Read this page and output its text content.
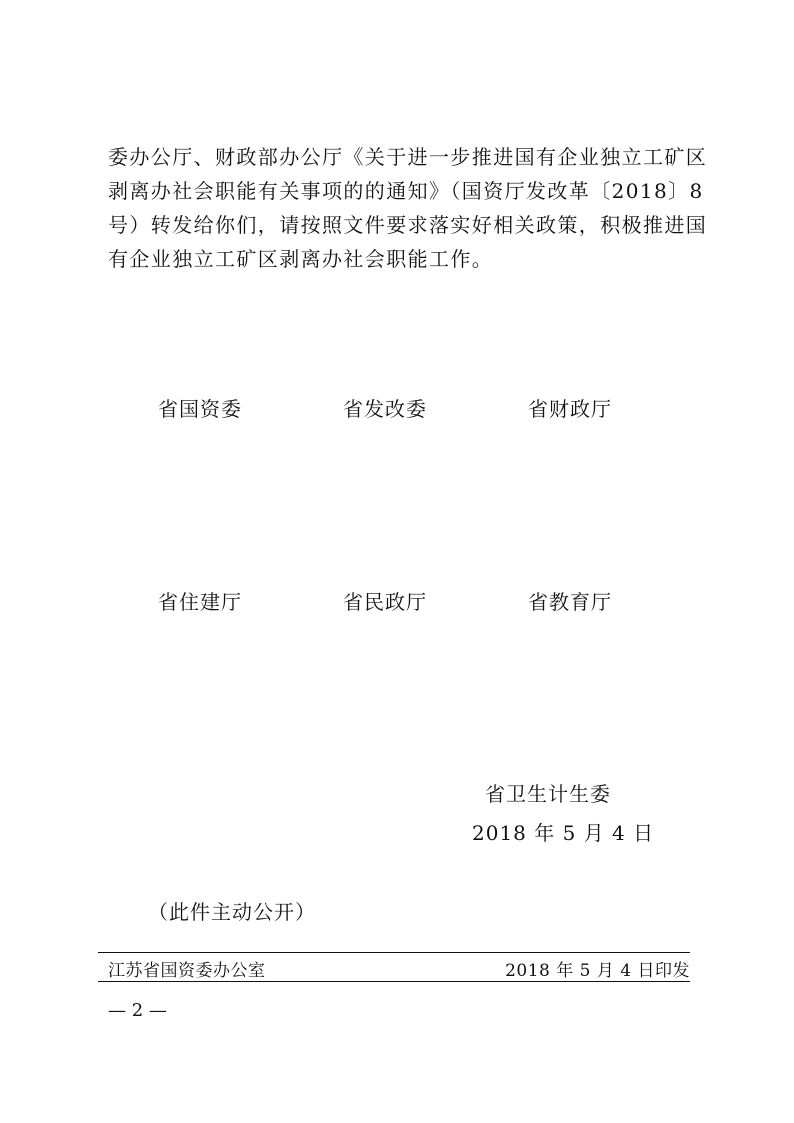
委办公厅、财政部办公厅《关于进一步推进国有企业独立工矿区
剥离办社会职能有关事项的的通知》（国资厅发改革〔2018〕8
号）转发给你们，请按照文件要求落实好相关政策，积极推进国
有企业独立工矿区剥离办社会职能工作。
省国资委	省发改委	省财政厅
省住建厅	省民政厅	省教育厅
省卫生计生委
2018 年 5 月 4 日
（此件主动公开）
江苏省国资委办公室	2018 年 5 月 4 日印发
— 2 —
